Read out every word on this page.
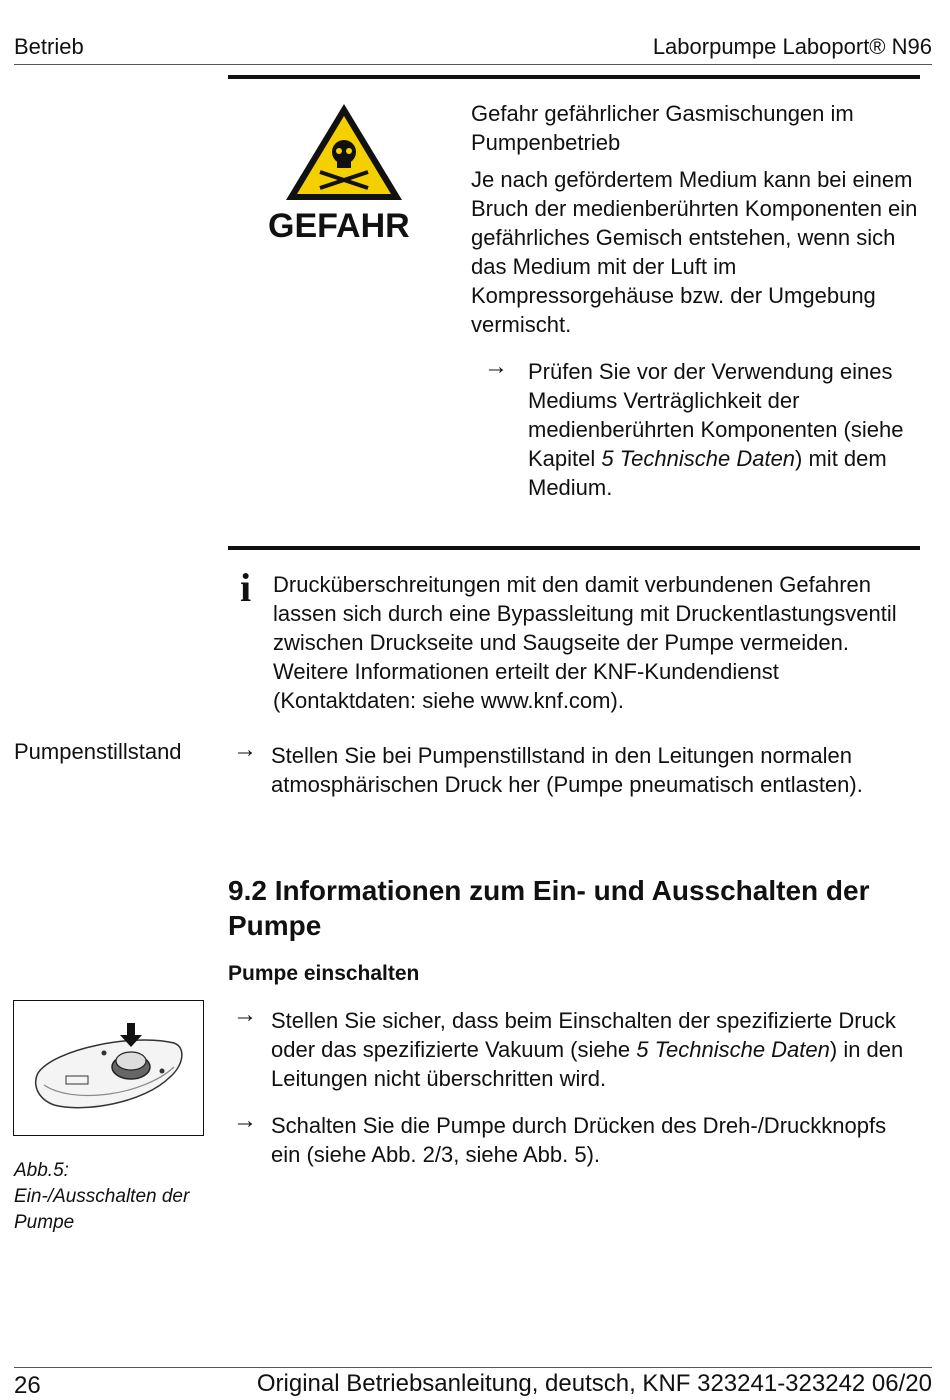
Betrieb	Laborpumpe Laboport® N96
GEFAHR

Gefahr gefährlicher Gasmischungen im Pumpenbetrieb

Je nach gefördertem Medium kann bei einem Bruch der medienberührten Komponenten ein gefährliches Gemisch entstehen, wenn sich das Medium mit der Luft im Kompressorgehäuse bzw. der Umgebung vermischt.

→ Prüfen Sie vor der Verwendung eines Mediums Verträglichkeit der medienberührten Komponenten (siehe Kapitel 5 Technische Daten) mit dem Medium.
i Drucküberschreitungen mit den damit verbundenen Gefahren lassen sich durch eine Bypassleitung mit Druckentlastungsventil zwischen Druckseite und Saugseite der Pumpe vermeiden. Weitere Informationen erteilt der KNF-Kundendienst (Kontaktdaten: siehe www.knf.com).
Pumpenstillstand → Stellen Sie bei Pumpenstillstand in den Leitungen normalen atmosphärischen Druck her (Pumpe pneumatisch entlasten).
9.2 Informationen zum Ein- und Ausschalten der Pumpe
Pumpe einschalten
→ Stellen Sie sicher, dass beim Einschalten der spezifizierte Druck oder das spezifizierte Vakuum (siehe 5 Technische Daten) in den Leitungen nicht überschritten wird.
→ Schalten Sie die Pumpe durch Drücken des Dreh-/Druckknopfs ein (siehe Abb. 2/3, siehe Abb. 5).
Abb.5: Ein-/Ausschalten der Pumpe
26	Original Betriebsanleitung, deutsch, KNF 323241-323242 06/20
